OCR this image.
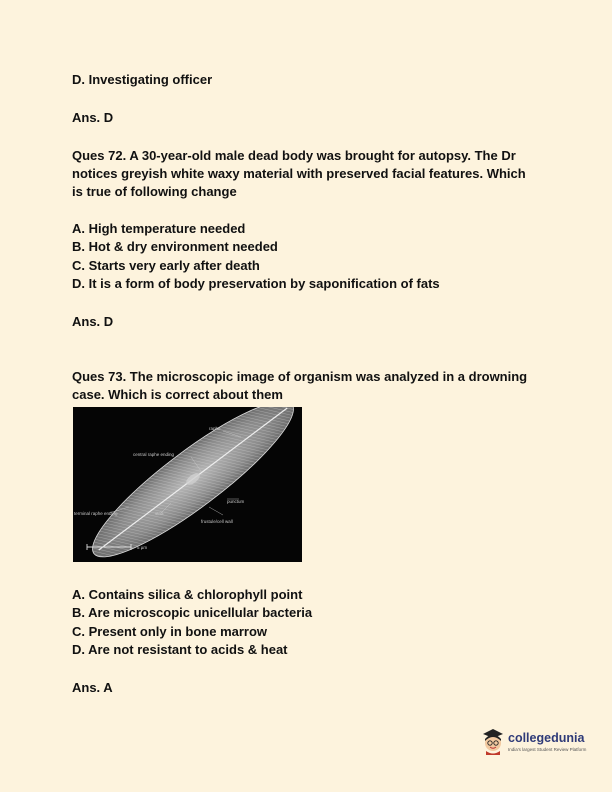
D. Investigating officer
Ans. D
Ques 72. A 30-year-old male dead body was brought for autopsy. The Dr
notices greyish white waxy material with preserved facial features. Which
is true of following change
A. High temperature needed
B. Hot & dry environment needed
C. Starts very early after death
D. It is a form of body preservation by saponification of fats
Ans. D
Ques 73. The microscopic image of organism was analyzed in a drowning
case. Which is correct about them
A. Contains silica & chlorophyll point
B. Are microscopic unicellular bacteria
C. Present only in bone marrow
D. Are not resistant to acids & heat
Ans. A
raphe
central raphe ending
terminal raphe ending	stria
punctum
frustule/cell wall
5 µm
collegedunia
India's largest Student Review Platform
